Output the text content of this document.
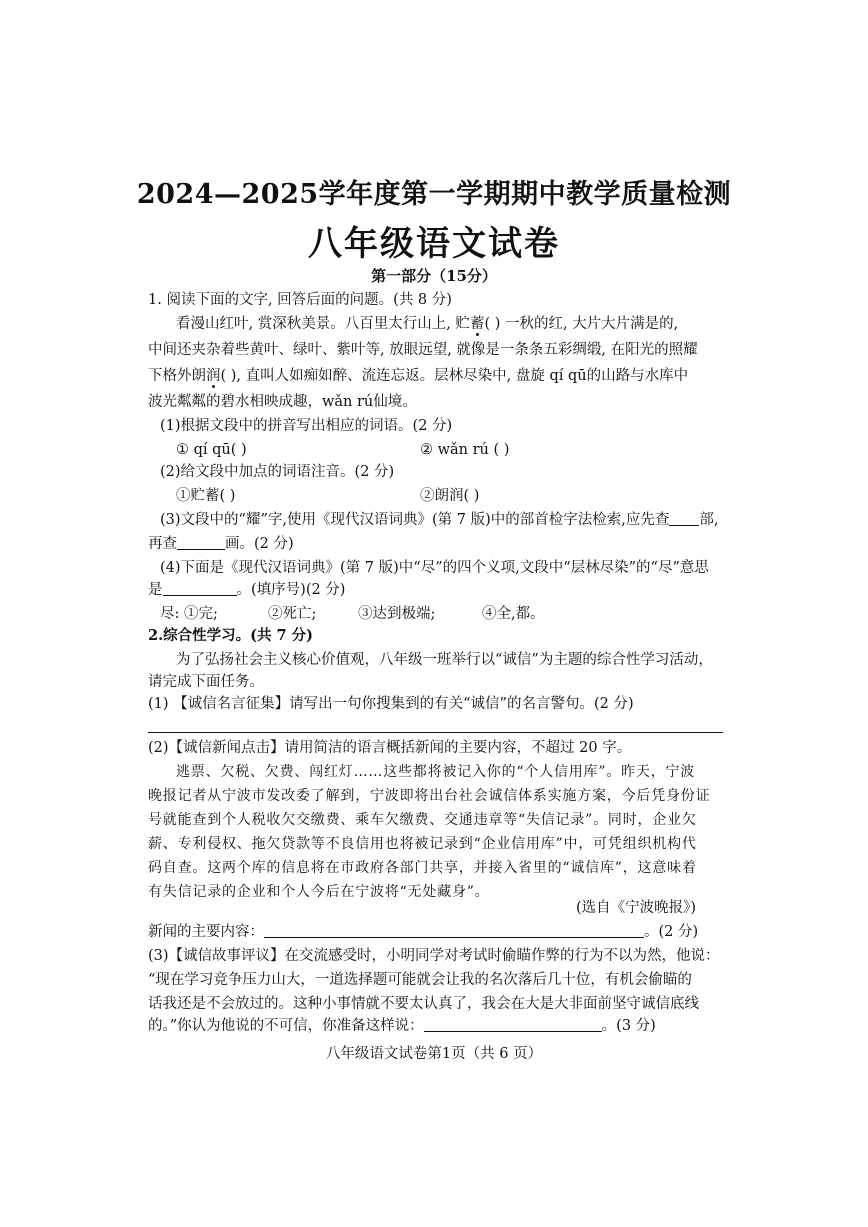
2024—2025学年度第一学期期中教学质量检测
八年级语文试卷
第一部分（15分）
1. 阅读下面的文字, 回答后面的问题。(共 8 分)
看漫山红叶, 赏深秋美景。八百里太行山上, 贮蓄( ) 一秋的红, 大片大片满是的,
中间还夹杂着些黄叶、绿叶、紫叶等, 放眼远望, 就像是一条条五彩绸缎, 在阳光的照耀
下格外朗润( ), 直叫人如痴如醉、流连忘返。层林尽染中, 盘旋 qí qū的山路与水库中
波光粼粼的碧水相映成趣，wǎn rú仙境。
(1)根据文段中的拼音写出相应的词语。(2 分)
① qí qū( )	② wǎn rú ( )
(2)给文段中加点的词语注音。(2 分)
①贮蓄( )	②朗润( )
(3)文段中的“耀”字,使用《现代汉语词典》(第 7 版)中的部首检字法检索,应先查 部,
再查	画。(2 分)
(4)下面是《现代汉语词典》(第 7 版)中“尽”的四个义项,文段中“层林尽染”的“尽”意思
是	。(填序号)(2 分)
尽: ①完;	②死亡;	③达到极端;	④全,都。
2.综合性学习。(共 7 分)
为了弘扬社会主义核心价值观，八年级一班举行以“诚信”为主题的综合性学习活动，
请完成下面任务。
(1) 【诚信名言征集】请写出一句你搜集到的有关“诚信”的名言警句。(2 分)
(2)【诚信新闻点击】请用简洁的语言概括新闻的主要内容，不超过 20 字。
逃票、欠税、欠费、闯红灯……这些都将被记入你的“个人信用库”。昨天，宁波
晚报记者从宁波市发改委了解到，宁波即将出台社会诚信体系实施方案，今后凭身份证
号就能查到个人税收欠交缴费、乘车欠缴费、交通违章等“失信记录”。同时，企业欠
薪、专利侵权、拖欠贷款等不良信用也将被记录到“企业信用库”中，可凭组织机构代
码自查。这两个库的信息将在市政府各部门共享，并接入省里的“诚信库”，这意味着
有失信记录的企业和个人今后在宁波将“无处藏身”。
(选自《宁波晚报》)
新闻的主要内容：	。(2 分)
(3)【诚信故事评议】在交流感受时，小明同学对考试时偷瞄作弊的行为不以为然，他说：
“现在学习竞争压力山大，一道选择题可能就会让我的名次落后几十位，有机会偷瞄的
话我还是不会放过的。这种小事情就不要太认真了，我会在大是大非面前坚守诚信底线
的。”你认为他说的不可信，你准备这样说：	。(3 分)
八年级语文试卷第1页（共 6 页）
